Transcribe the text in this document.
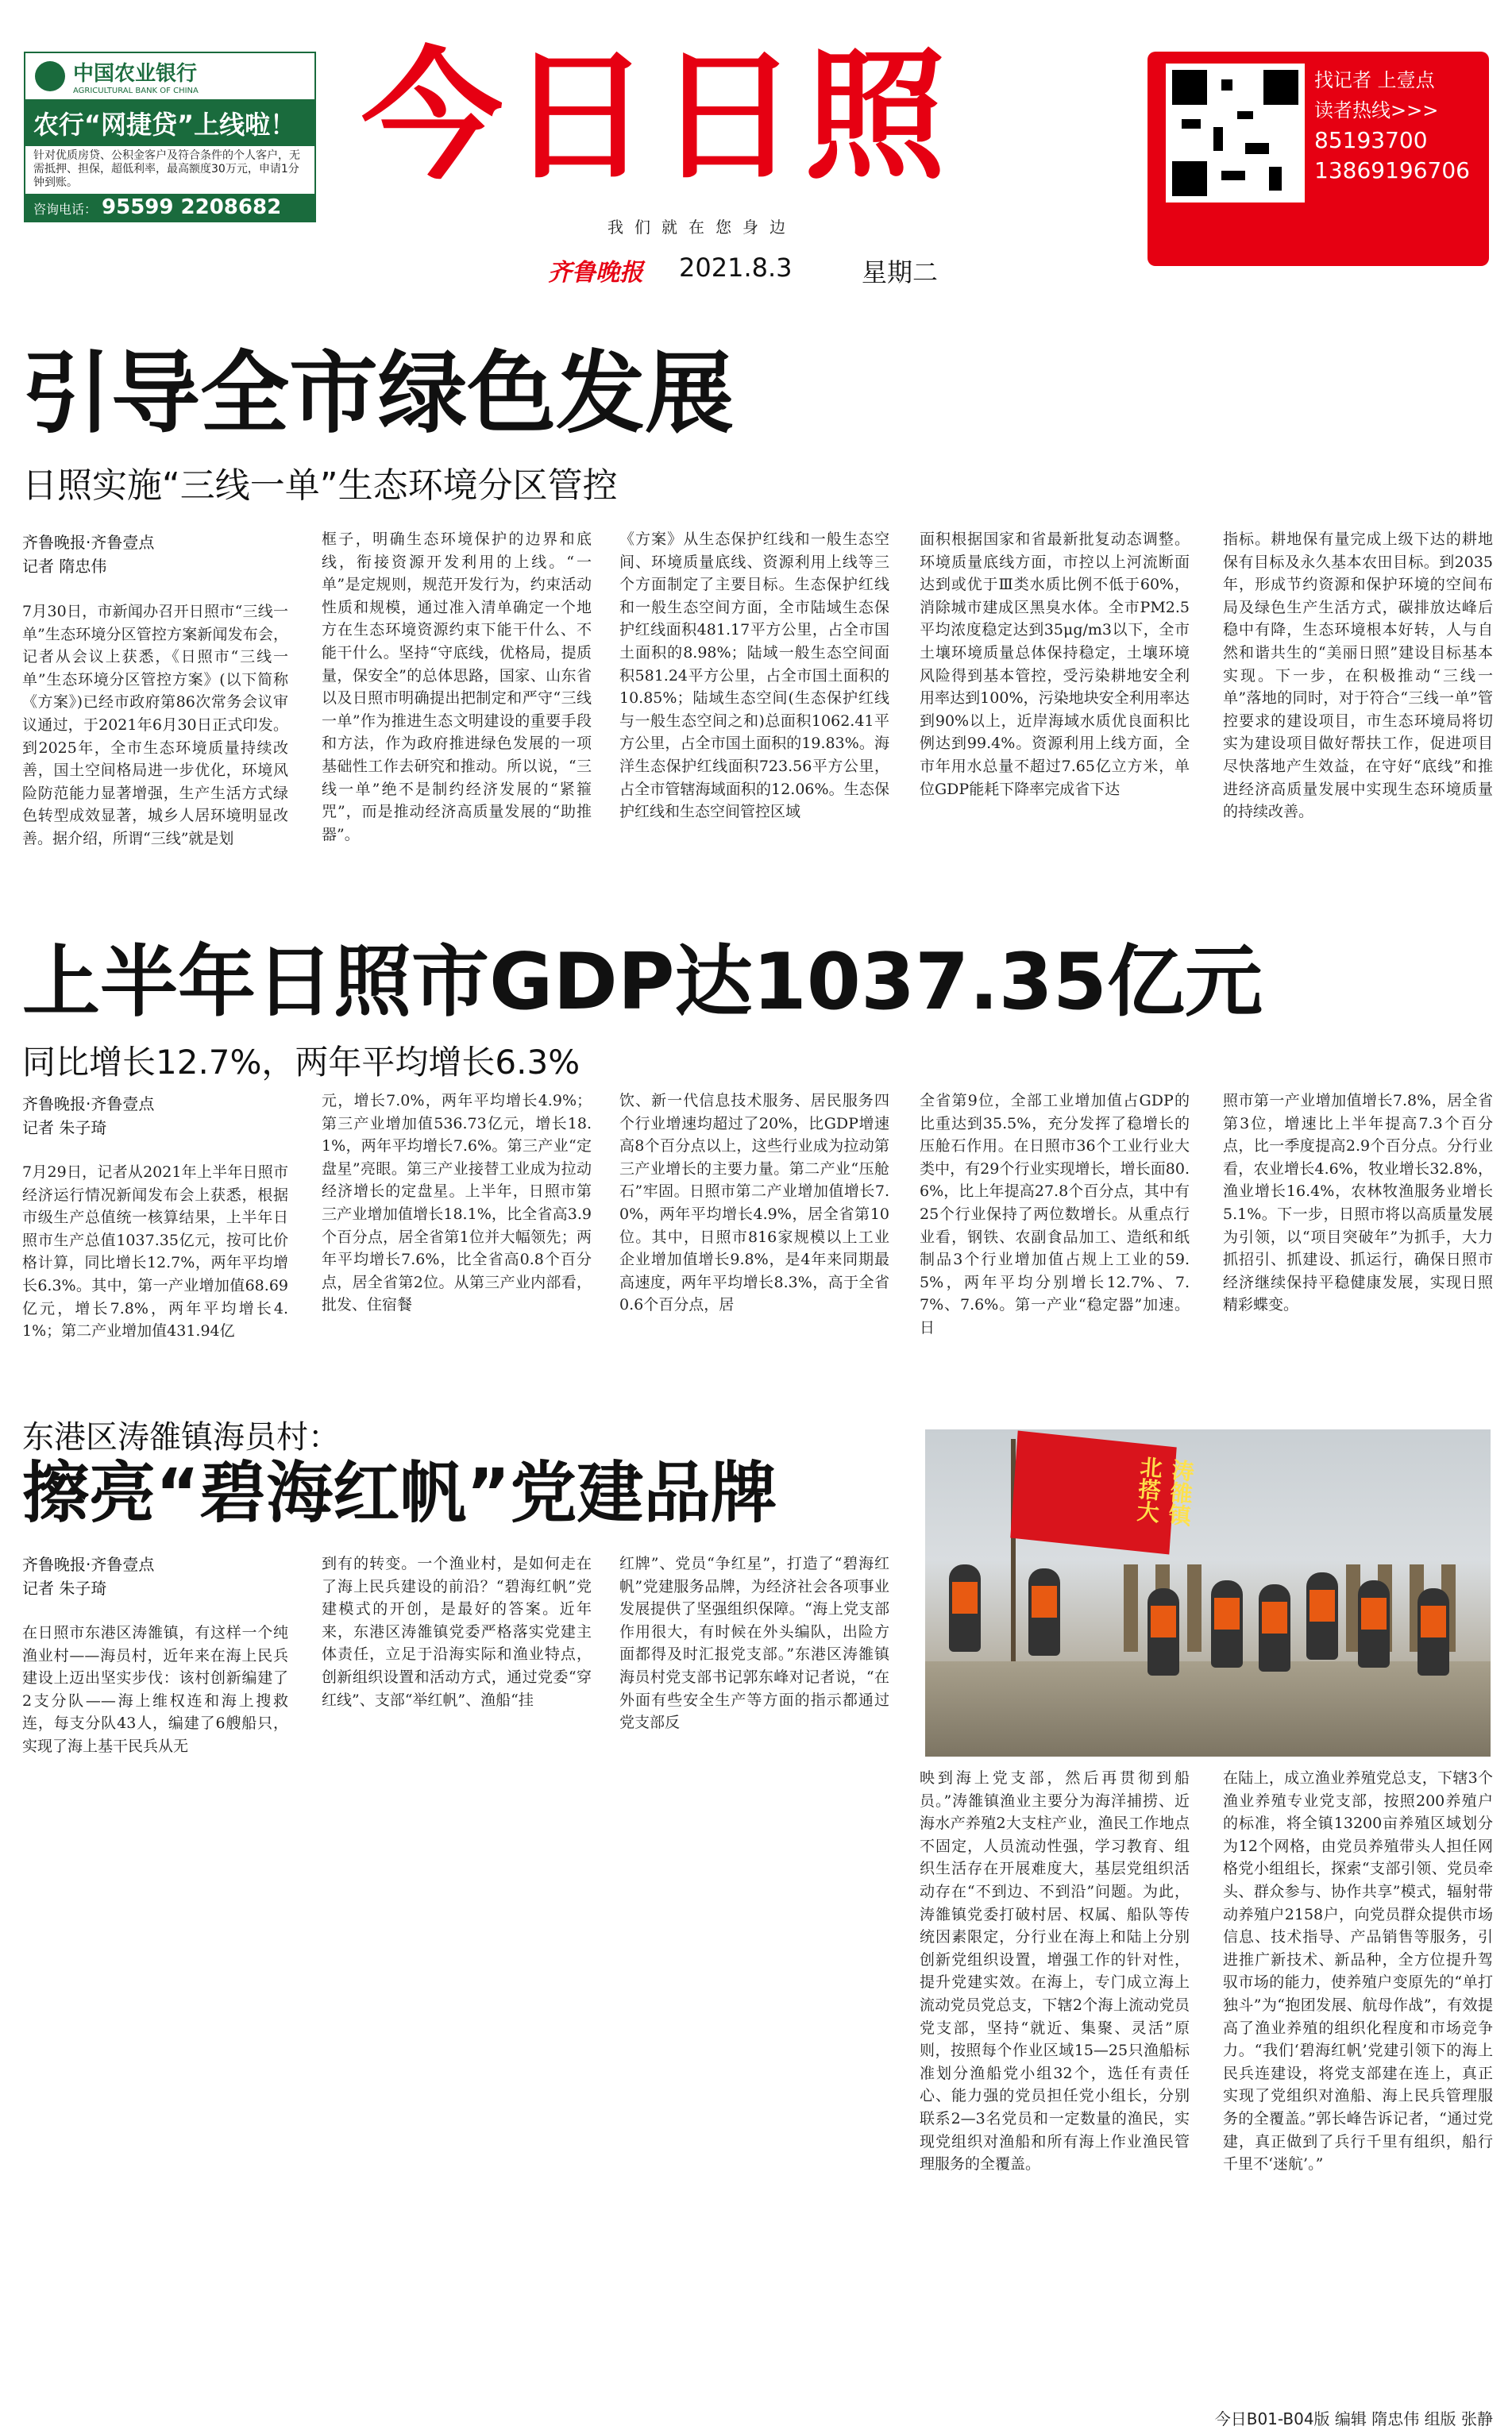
中国农业银行
AGRICULTURAL BANK OF CHINA
农行“网捷贷”上线啦！
针对优质房贷、公积金客户及符合条件的个人客户，无需抵押、担保，超低利率，最高额度30万元，申请1分钟到账。
咨询电话： 95599 2208682
今日日照
我们就在您身边
齐鲁晚报 2021.8.3	星期二
找记者 上壹点
读者热线>>>
85193700
13869196706
引导全市绿色发展
日照实施“三线一单”生态环境分区管控
齐鲁晚报·齐鲁壹点
记者 隋忠伟
7月30日，市新闻办召开日照市“三线一单”生态环境分区管控方案新闻发布会，记者从会议上获悉，《日照市“三线一单”生态环境分区管控方案》(以下简称《方案》)已经市政府第86次常务会议审议通过，于2021年6月30日正式印发。到2025年，全市生态环境质量持续改善，国土空间格局进一步优化，环境风险防范能力显著增强，生产生活方式绿色转型成效显著，城乡人居环境明显改善。据介绍，所谓“三线”就是划
框子，明确生态环境保护的边界和底线，衔接资源开发利用的上线。“一单”是定规则，规范开发行为，约束活动性质和规模，通过准入清单确定一个地方在生态环境资源约束下能干什么、不能干什么。坚持“守底线，优格局，提质量，保安全”的总体思路，国家、山东省以及日照市明确提出把制定和严守“三线一单”作为推进生态文明建设的重要手段和方法，作为政府推进绿色发展的一项基础性工作去研究和推动。所以说，“三线一单”绝不是制约经济发展的“紧箍咒”，而是推动经济高质量发展的“助推器”。
《方案》从生态保护红线和一般生态空间、环境质量底线、资源利用上线等三个方面制定了主要目标。生态保护红线和一般生态空间方面，全市陆域生态保护红线面积481.17平方公里，占全市国土面积的8.98%；陆域一般生态空间面积581.24平方公里，占全市国土面积的10.85%；陆域生态空间(生态保护红线与一般生态空间之和)总面积1062.41平方公里，占全市国土面积的19.83%。海洋生态保护红线面积723.56平方公里，占全市管辖海域面积的12.06%。生态保护红线和生态空间管控区域
面积根据国家和省最新批复动态调整。环境质量底线方面，市控以上河流断面达到或优于Ⅲ类水质比例不低于60%，消除城市建成区黑臭水体。全市PM2.5平均浓度稳定达到35μg/m3以下，全市土壤环境质量总体保持稳定，土壤环境风险得到基本管控，受污染耕地安全利用率达到100%，污染地块安全利用率达到90%以上，近岸海域水质优良面积比例达到99.4%。资源利用上线方面，全市年用水总量不超过7.65亿立方米，单位GDP能耗下降率完成省下达
指标。耕地保有量完成上级下达的耕地保有目标及永久基本农田目标。到2035年，形成节约资源和保护环境的空间布局及绿色生产生活方式，碳排放达峰后稳中有降，生态环境根本好转，人与自然和谐共生的“美丽日照”建设目标基本实现。下一步，在积极推动“三线一单”落地的同时，对于符合“三线一单”管控要求的建设项目，市生态环境局将切实为建设项目做好帮扶工作，促进项目尽快落地产生效益，在守好“底线”和推进经济高质量发展中实现生态环境质量的持续改善。
上半年日照市GDP达1037.35亿元
同比增长12.7%，两年平均增长6.3%
齐鲁晚报·齐鲁壹点
记者 朱子琦
7月29日，记者从2021年上半年日照市经济运行情况新闻发布会上获悉，根据市级生产总值统一核算结果，上半年日照市生产总值1037.35亿元，按可比价格计算，同比增长12.7%，两年平均增长6.3%。其中，第一产业增加值68.69亿元，增长7.8%，两年平均增长4.1%；第二产业增加值431.94亿
元，增长7.0%，两年平均增长4.9%；第三产业增加值536.73亿元，增长18.1%，两年平均增长7.6%。第三产业“定盘星”亮眼。第三产业接替工业成为拉动经济增长的定盘星。上半年，日照市第三产业增加值增长18.1%，比全省高3.9个百分点，居全省第1位并大幅领先；两年平均增长7.6%，比全省高0.8个百分点，居全省第2位。从第三产业内部看，批发、住宿餐
饮、新一代信息技术服务、居民服务四个行业增速均超过了20%，比GDP增速高8个百分点以上，这些行业成为拉动第三产业增长的主要力量。第二产业“压舱石”牢固。日照市第二产业增加值增长7.0%，两年平均增长4.9%，居全省第10位。其中，日照市816家规模以上工业企业增加值增长9.8%，是4年来同期最高速度，两年平均增长8.3%，高于全省0.6个百分点，居
全省第9位，全部工业增加值占GDP的比重达到35.5%，充分发挥了稳增长的压舱石作用。在日照市36个工业行业大类中，有29个行业实现增长，增长面80.6%，比上年提高27.8个百分点，其中有25个行业保持了两位数增长。从重点行业看，钢铁、农副食品加工、造纸和纸制品3个行业增加值占规上工业的59.5%，两年平均分别增长12.7%、7.7%、7.6%。第一产业“稳定器”加速。日
照市第一产业增加值增长7.8%，居全省第3位，增速比上半年提高7.3个百分点，比一季度提高2.9个百分点。分行业看，农业增长4.6%，牧业增长32.8%，渔业增长16.4%，农林牧渔服务业增长5.1%。下一步，日照市将以高质量发展为引领，以“项目突破年”为抓手，大力抓招引、抓建设、抓运行，确保日照市经济继续保持平稳健康发展，实现日照精彩蝶变。
东港区涛雒镇海员村：
擦亮“碧海红帆”党建品牌
齐鲁晚报·齐鲁壹点
记者 朱子琦
在日照市东港区涛雒镇，有这样一个纯渔业村——海员村，近年来在海上民兵建设上迈出坚实步伐：该村创新编建了2支分队——海上维权连和海上搜救连，每支分队43人，编建了6艘船只，实现了海上基干民兵从无
到有的转变。一个渔业村，是如何走在了海上民兵建设的前沿？“碧海红帆”党建模式的开创，是最好的答案。近年来，东港区涛雒镇党委严格落实党建主体责任，立足于沿海实际和渔业特点，创新组织设置和活动方式，通过党委“穿红线”、支部“举红帆”、渔船“挂
红牌”、党员“争红星”，打造了“碧海红帆”党建服务品牌，为经济社会各项事业发展提供了坚强组织保障。“海上党支部作用很大，有时候在外头编队，出险方面都得及时汇报党支部。”东港区涛雒镇海员村党支部书记郭东峰对记者说，“在外面有些安全生产等方面的指示都通过党支部反
涛雒镇 北搭大
映到海上党支部，然后再贯彻到船员。”涛雒镇渔业主要分为海洋捕捞、近海水产养殖2大支柱产业，渔民工作地点不固定，人员流动性强，学习教育、组织生活存在开展难度大，基层党组织活动存在“不到边、不到沿”问题。为此，涛雒镇党委打破村居、权属、船队等传统因素限定，分行业在海上和陆上分别创新党组织设置，增强工作的针对性，提升党建实效。在海上，专门成立海上流动党员党总支，下辖2个海上流动党员党支部，坚持“就近、集聚、灵活”原则，按照每个作业区域15—25只渔船标准划分渔船党小组32个，选任有责任心、能力强的党员担任党小组长，分别联系2—3名党员和一定数量的渔民，实现党组织对渔船和所有海上作业渔民管理服务的全覆盖。
在陆上，成立渔业养殖党总支，下辖3个渔业养殖专业党支部，按照200养殖户的标准，将全镇13200亩养殖区域划分为12个网格，由党员养殖带头人担任网格党小组组长，探索“支部引领、党员牵头、群众参与、协作共享”模式，辐射带动养殖户2158户，向党员群众提供市场信息、技术指导、产品销售等服务，引进推广新技术、新品种，全方位提升驾驭市场的能力，使养殖户变原先的“单打独斗”为“抱团发展、航母作战”，有效提高了渔业养殖的组织化程度和市场竞争力。“我们‘碧海红帆’党建引领下的海上民兵连建设，将党支部建在连上，真正实现了党组织对渔船、海上民兵管理服务的全覆盖。”郭长峰告诉记者，“通过党建，真正做到了兵行千里有组织，船行千里不‘迷航’。”
今日B01-B04版 编辑 隋忠伟 组版 张静
